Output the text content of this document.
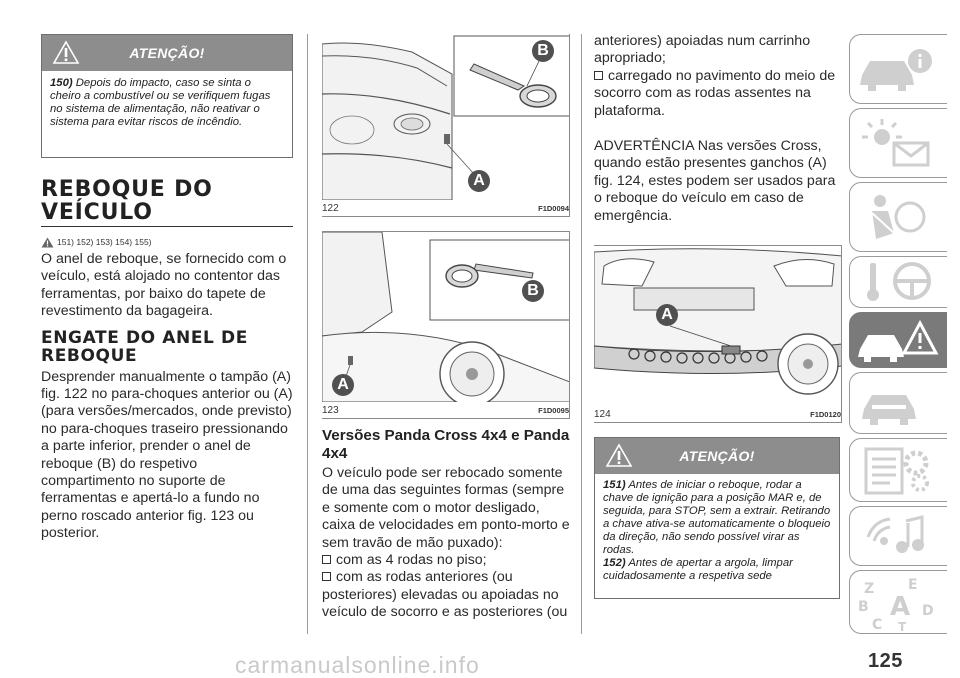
ATENÇÃO!
150) Depois do impacto, caso se sinta o cheiro a combustível ou se verifiquem fugas no sistema de alimentação, não reativar o sistema para evitar riscos de incêndio.
REBOQUE DO VEÍCULO
151) 152) 153) 154) 155)

O anel de reboque, se fornecido com o veículo, está alojado no contentor das ferramentas, por baixo do tapete de revestimento da bagageira.

ENGATE DO ANEL DE REBOQUE

Desprender manualmente o tampão (A) fig. 122 no para-choques anterior ou (A) (para versões/mercados, onde previsto) no para-choques traseiro pressionando a parte inferior, prender o anel de reboque (B) do respetivo compartimento no suporte de ferramentas e apertá-lo a fundo no perno roscado anterior fig. 123 ou posterior.

B
A
122	F1D0094
B
A
123	F1D0095
Versões Panda Cross 4x4 e Panda 4x4

O veículo pode ser rebocado somente de uma das seguintes formas (sempre e somente com o motor desligado, caixa de velocidades em ponto-morto e sem travão de mão puxado):

com as 4 rodas no piso;
com as rodas anteriores (ou posteriores) elevadas ou apoiadas no veículo de socorro e as posteriores (ou

anteriores) apoiadas num carrinho apropriado;

carregado no pavimento do meio de socorro com as rodas assentes na plataforma.

ADVERTÊNCIA Nas versões Cross, quando estão presentes ganchos (A) fig. 124, estes podem ser usados para o reboque do veículo em caso de emergência.

A
124	F1D0120
ATENÇÃO!
151) Antes de iniciar o reboque, rodar a chave de ignição para a posição MAR e, de seguida, para STOP, sem a extrair. Retirando a chave ativa-se automaticamente o bloqueio da direção, não sendo possível virar as rodas.
152) Antes de apertar a argola, limpar cuidadosamente a respetiva sede
Z E
B A D
C T
carmanualsonline.info	125
